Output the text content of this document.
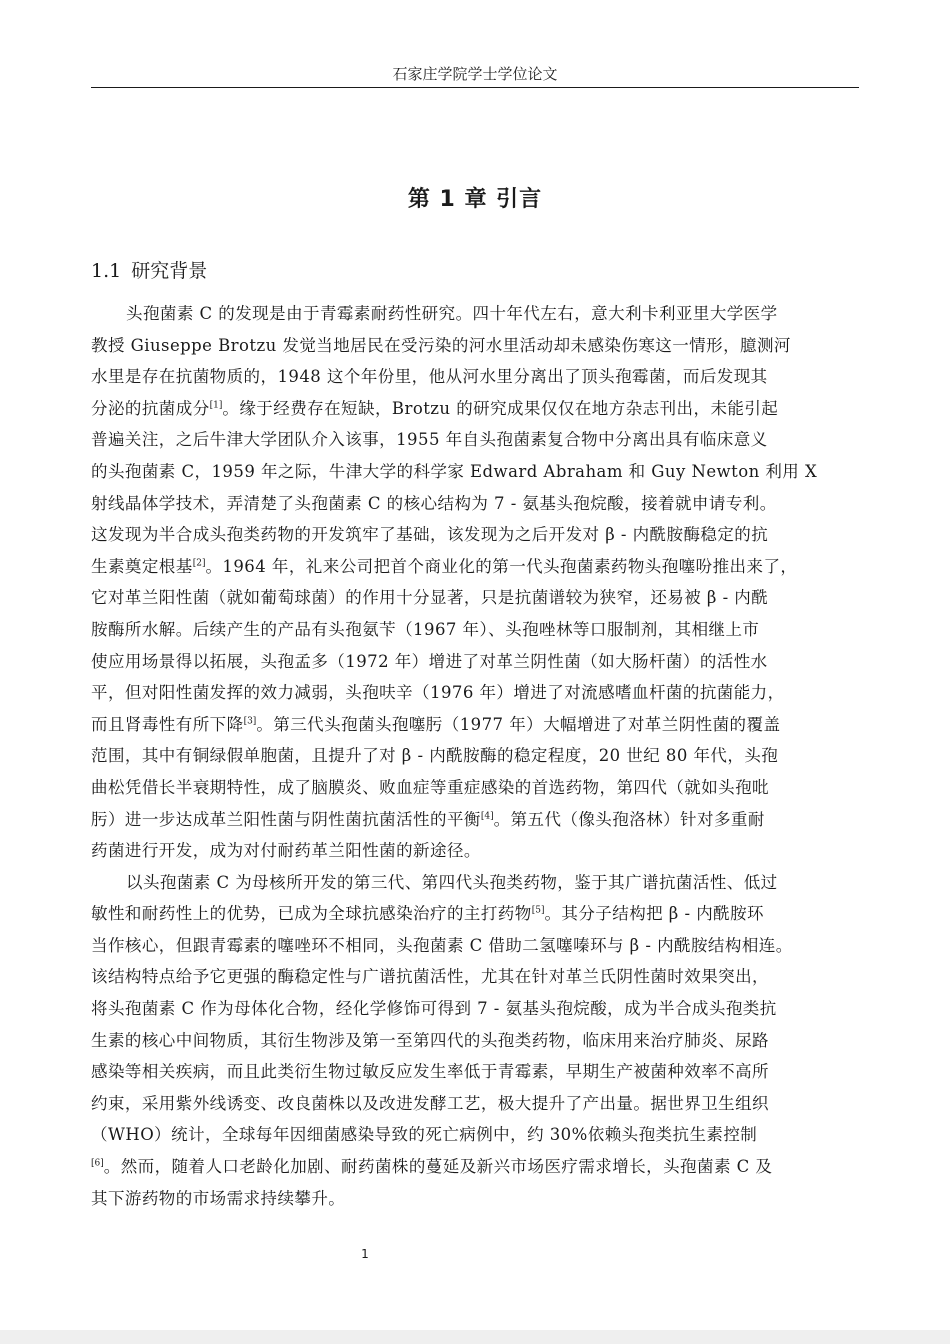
石家庄学院学士学位论文
第 1 章 引言
1.1 研究背景
头孢菌素 C 的发现是由于青霉素耐药性研究。四十年代左右，意大利卡利亚里大学医学
教授 Giuseppe Brotzu 发觉当地居民在受污染的河水里活动却未感染伤寒这一情形，臆测河
水里是存在抗菌物质的，1948 这个年份里，他从河水里分离出了顶头孢霉菌，而后发现其
分泌的抗菌成分[1]。缘于经费存在短缺，Brotzu 的研究成果仅仅在地方杂志刊出，未能引起
普遍关注，之后牛津大学团队介入该事，1955 年自头孢菌素复合物中分离出具有临床意义
的头孢菌素 C，1959 年之际，牛津大学的科学家 Edward Abraham 和 Guy Newton 利用 X
射线晶体学技术，弄清楚了头孢菌素 C 的核心结构为 7 - 氨基头孢烷酸，接着就申请专利。
这发现为半合成头孢类药物的开发筑牢了基础，该发现为之后开发对 β - 内酰胺酶稳定的抗
生素奠定根基[2]。1964 年，礼来公司把首个商业化的第一代头孢菌素药物头孢噻吩推出来了，
它对革兰阳性菌（就如葡萄球菌）的作用十分显著，只是抗菌谱较为狭窄，还易被 β - 内酰
胺酶所水解。后续产生的产品有头孢氨苄（1967 年）、头孢唑林等口服制剂，其相继上市
使应用场景得以拓展，头孢孟多（1972 年）增进了对革兰阴性菌（如大肠杆菌）的活性水
平，但对阳性菌发挥的效力减弱，头孢呋辛（1976 年）增进了对流感嗜血杆菌的抗菌能力，
而且肾毒性有所下降[3]。第三代头孢菌头孢噻肟（1977 年）大幅增进了对革兰阴性菌的覆盖
范围，其中有铜绿假单胞菌，且提升了对 β - 内酰胺酶的稳定程度，20 世纪 80 年代，头孢
曲松凭借长半衰期特性，成了脑膜炎、败血症等重症感染的首选药物，第四代（就如头孢吡
肟）进一步达成革兰阳性菌与阴性菌抗菌活性的平衡[4]。第五代（像头孢洛林）针对多重耐
药菌进行开发，成为对付耐药革兰阳性菌的新途径。
以头孢菌素 C 为母核所开发的第三代、第四代头孢类药物，鉴于其广谱抗菌活性、低过
敏性和耐药性上的优势，已成为全球抗感染治疗的主打药物[5]。其分子结构把 β - 内酰胺环
当作核心，但跟青霉素的噻唑环不相同，头孢菌素 C 借助二氢噻嗪环与 β - 内酰胺结构相连。
该结构特点给予它更强的酶稳定性与广谱抗菌活性，尤其在针对革兰氏阴性菌时效果突出，
将头孢菌素 C 作为母体化合物，经化学修饰可得到 7 - 氨基头孢烷酸，成为半合成头孢类抗
生素的核心中间物质，其衍生物涉及第一至第四代的头孢类药物，临床用来治疗肺炎、尿路
感染等相关疾病，而且此类衍生物过敏反应发生率低于青霉素，早期生产被菌种效率不高所
约束，采用紫外线诱变、改良菌株以及改进发酵工艺，极大提升了产出量。据世界卫生组织
（WHO）统计，全球每年因细菌感染导致的死亡病例中，约 30%依赖头孢类抗生素控制
[6]。然而，随着人口老龄化加剧、耐药菌株的蔓延及新兴市场医疗需求增长，头孢菌素 C 及
其下游药物的市场需求持续攀升。
1
